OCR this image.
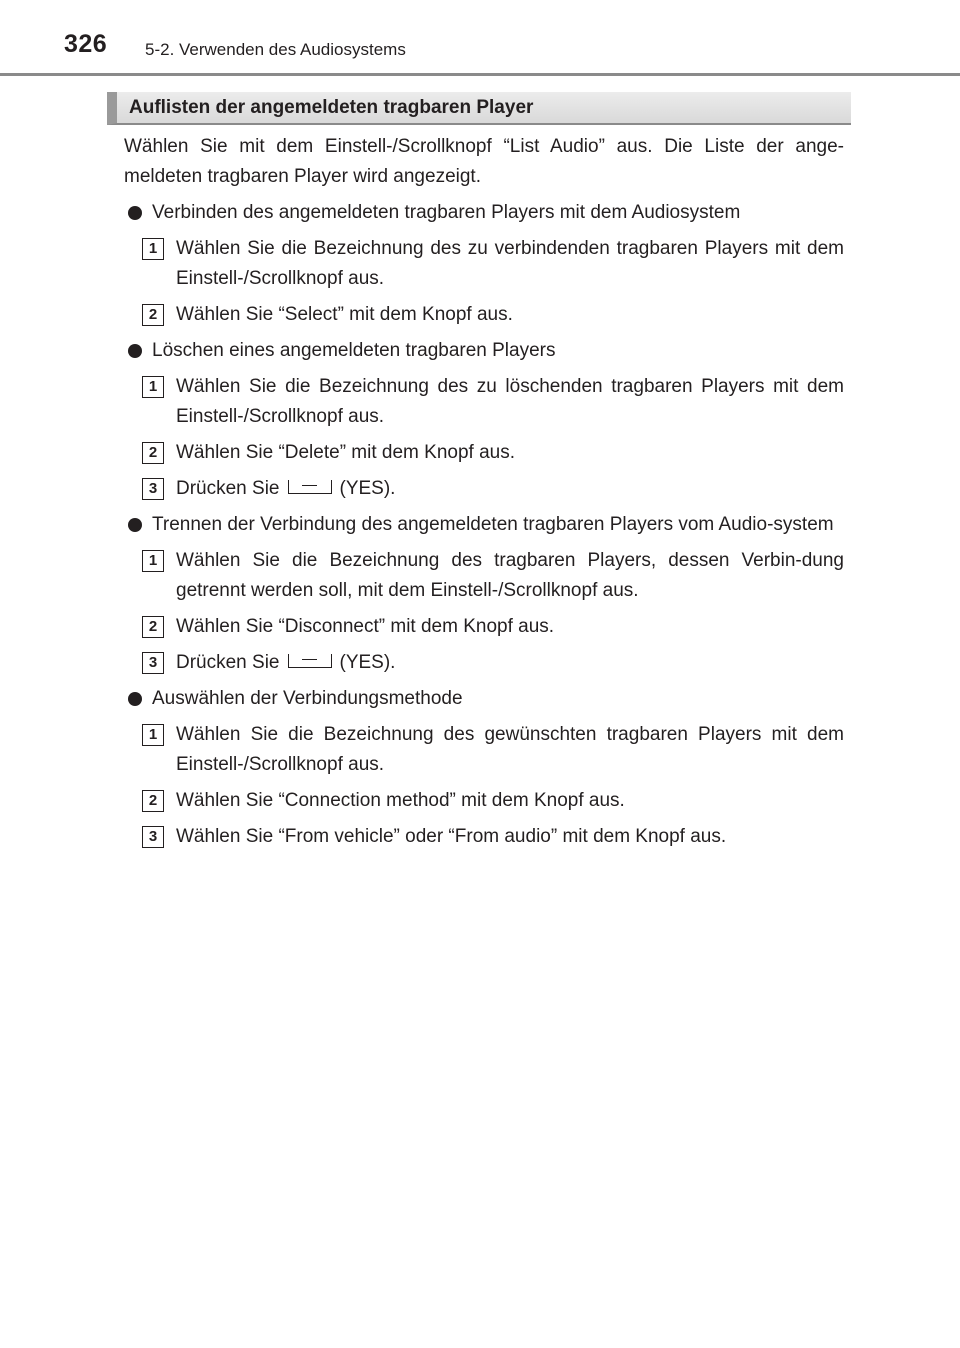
326 5-2. Verwenden des Audiosystems
Auflisten der angemeldeten tragbaren Player

Wählen Sie mit dem Einstell-/Scrollknopf “List Audio” aus. Die Liste der ange-meldeten tragbaren Player wird angezeigt.

Verbinden des angemeldeten tragbaren Players mit dem Audiosystem
1 Wählen Sie die Bezeichnung des zu verbindenden tragbaren Players mit dem Einstell-/Scrollknopf aus.
2 Wählen Sie “Select” mit dem Knopf aus.
Löschen eines angemeldeten tragbaren Players
1 Wählen Sie die Bezeichnung des zu löschenden tragbaren Players mit dem Einstell-/Scrollknopf aus.
2 Wählen Sie “Delete” mit dem Knopf aus.
3 Drücken Sie	(YES).
Trennen der Verbindung des angemeldeten tragbaren Players vom Audio-system
1 Wählen Sie die Bezeichnung des tragbaren Players, dessen Verbin-dung getrennt werden soll, mit dem Einstell-/Scrollknopf aus.
2 Wählen Sie “Disconnect” mit dem Knopf aus.
3 Drücken Sie	(YES).
Auswählen der Verbindungsmethode
1 Wählen Sie die Bezeichnung des gewünschten tragbaren Players mit dem Einstell-/Scrollknopf aus.
2 Wählen Sie “Connection method” mit dem Knopf aus.
3 Wählen Sie “From vehicle” oder “From audio” mit dem Knopf aus.
